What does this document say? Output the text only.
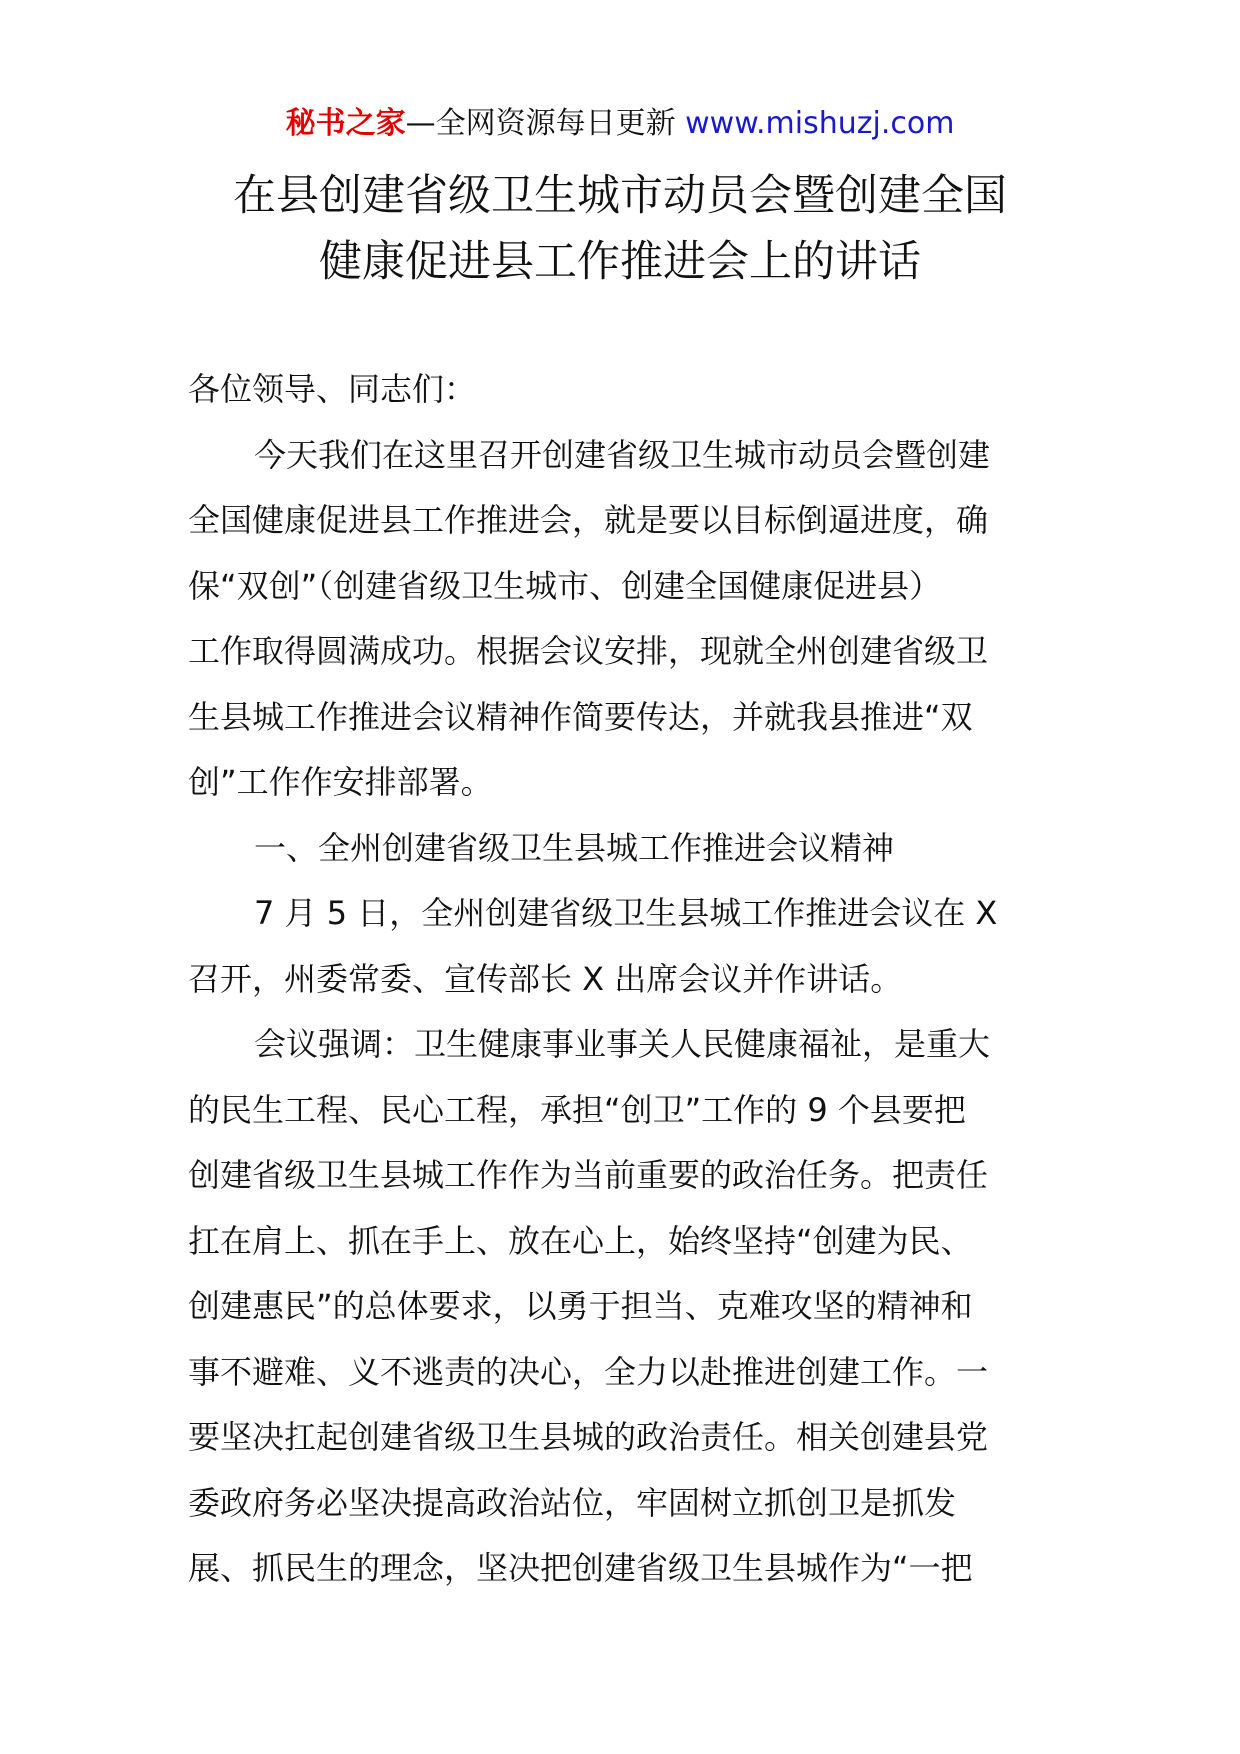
秘书之家—全网资源每日更新 www.mishuzj.com
在县创建省级卫生城市动员会暨创建全国
健康促进县工作推进会上的讲话

各位领导、同志们：

今天我们在这里召开创建省级卫生城市动员会暨创建

全国健康促进县工作推进会，就是要以目标倒逼进度，确

保“双创”（创建省级卫生城市、创建全国健康促进县）

工作取得圆满成功。根据会议安排，现就全州创建省级卫

生县城工作推进会议精神作简要传达，并就我县推进“双

创”工作作安排部署。

一、全州创建省级卫生县城工作推进会议精神

7 月 5 日，全州创建省级卫生县城工作推进会议在 X

召开，州委常委、宣传部长 X 出席会议并作讲话。

会议强调：卫生健康事业事关人民健康福祉，是重大

的民生工程、民心工程，承担“创卫”工作的 9 个县要把

创建省级卫生县城工作作为当前重要的政治任务。把责任

扛在肩上、抓在手上、放在心上，始终坚持“创建为民、

创建惠民”的总体要求，以勇于担当、克难攻坚的精神和

事不避难、义不逃责的决心，全力以赴推进创建工作。一

要坚决扛起创建省级卫生县城的政治责任。相关创建县党

委政府务必坚决提高政治站位，牢固树立抓创卫是抓发

展、抓民生的理念，坚决把创建省级卫生县城作为“一把
